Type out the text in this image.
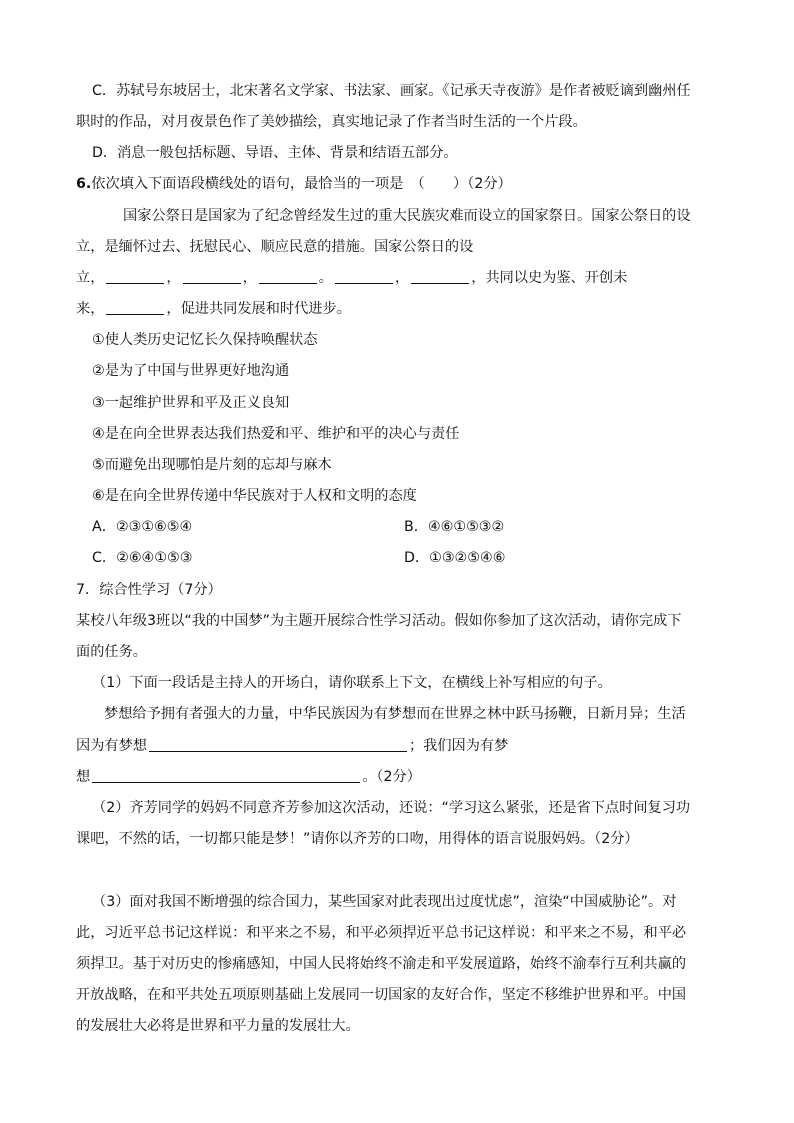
C．苏轼号东坡居士，北宋著名文学家、书法家、画家。《记承天寺夜游》是作者被贬谪到幽州任
职时的作品，对月夜景色作了美妙描绘，真实地记录了作者当时生活的一个片段。
D．消息一般包括标题、导语、主体、背景和结语五部分。
6.依次填入下面语段横线处的语句，最恰当的一项是　（　　）（2分）
国家公祭日是国家为了纪念曾经发生过的重大民族灾难而设立的国家祭日。国家公祭日的设
立，是缅怀过去、抚慰民心、顺应民意的措施。国家公祭日的设
立，	，	，	。	，	，共同以史为鉴、开创未
来，	，促进共同发展和时代进步。
①使人类历史记忆长久保持唤醒状态
②是为了中国与世界更好地沟通
③一起维护世界和平及正义良知
④是在向全世界表达我们热爱和平、维护和平的决心与责任
⑤而避免出现哪怕是片刻的忘却与麻木
⑥是在向全世界传递中华民族对于人权和文明的态度
A．②③①⑥⑤④	B．④⑥①⑤③②
C．②⑥④①⑤③	D．①③②⑤④⑥
7．综合性学习（7分）
某校八年级3班以“我的中国梦”为主题开展综合性学习活动。假如你参加了这次活动，请你完成下
面的任务。
（1）下面一段话是主持人的开场白，请你联系上下文，在横线上补写相应的句子。
梦想给予拥有者强大的力量，中华民族因为有梦想而在世界之林中跃马扬鞭，日新月异；生活
因为有梦想	；我们因为有梦
想	。（2分）
（2）齐芳同学的妈妈不同意齐芳参加这次活动，还说：“学习这么紧张，还是省下点时间复习功
课吧，不然的话，一切都只能是梦！”请你以齐芳的口吻，用得体的语言说服妈妈。（2分）
（3）面对我国不断增强的综合国力，某些国家对此表现出过度忧虑”，渲染“中国威胁论”。对
此，习近平总书记这样说：和平来之不易，和平必须捍近平总书记这样说：和平来之不易，和平必
须捍卫。基于对历史的惨痛感知，中国人民将始终不渝走和平发展道路，始终不渝奉行互利共赢的
开放战略，在和平共处五项原则基础上发展同一切国家的友好合作，坚定不移维护世界和平。中国
的发展壮大必将是世界和平力量的发展壮大。
